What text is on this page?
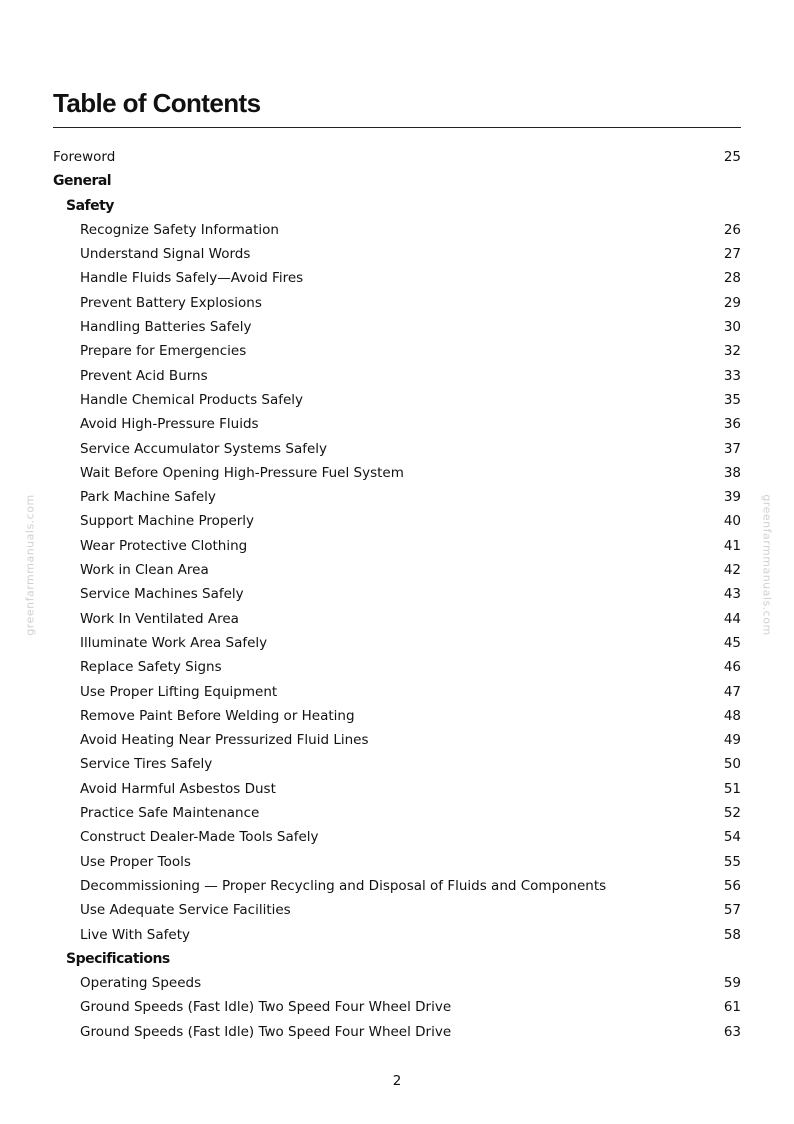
Table of Contents
Foreword	25
General
Safety
Recognize Safety Information	26
Understand Signal Words	27
Handle Fluids Safely—Avoid Fires	28
Prevent Battery Explosions	29
Handling Batteries Safely	30
Prepare for Emergencies	32
Prevent Acid Burns	33
Handle Chemical Products Safely	35
Avoid High-Pressure Fluids	36
Service Accumulator Systems Safely	37
Wait Before Opening High-Pressure Fuel System	38
Park Machine Safely	39
Support Machine Properly	40
Wear Protective Clothing	41
Work in Clean Area	42
Service Machines Safely	43
Work In Ventilated Area	44
Illuminate Work Area Safely	45
Replace Safety Signs	46
Use Proper Lifting Equipment	47
Remove Paint Before Welding or Heating	48
Avoid Heating Near Pressurized Fluid Lines	49
Service Tires Safely	50
Avoid Harmful Asbestos Dust	51
Practice Safe Maintenance	52
Construct Dealer-Made Tools Safely	54
Use Proper Tools	55
Decommissioning — Proper Recycling and Disposal of Fluids and Components	56
Use Adequate Service Facilities	57
Live With Safety	58
Specifications
Operating Speeds	59
Ground Speeds (Fast Idle) Two Speed Four Wheel Drive	61
Ground Speeds (Fast Idle) Two Speed Four Wheel Drive	63
2
greenfarmmanuals.com	greenfarmmanuals.com
